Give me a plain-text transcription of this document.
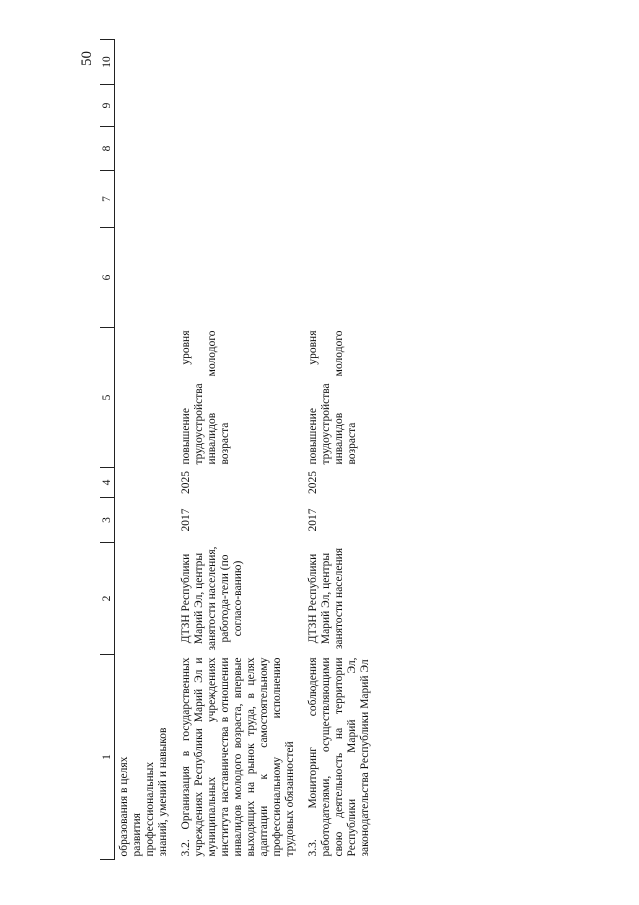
50
1	2	3	4	5	6	7	8	9	10

образования в целях
развития
профессиональных
знаний, умений и навыков									

3.2. Организация в государственных учреждениях Республики Марий Эл и муниципальных учреждениях института наставничества в отношении инвалидов молодого возраста, впервые выходящих на рынок труда, в целях адаптации к самостоятельному профессиональному исполнению трудовых обязанностей	ДТЗН Республики Марий Эл, центры занятости населения, работода-тели (по согласо-ванию)	2017	2025	повышение уровня трудоустройства инвалидов молодого возраста					

3.3. Мониторинг соблюдения работодателями, осуществляющими свою деятельность на территории Республики Марий Эл, законодательства Республики Марий Эл	ДТЗН Республики Марий Эл, центры занятости населения	2017	2025	повышение уровня трудоустройства инвалидов молодого возраста					
